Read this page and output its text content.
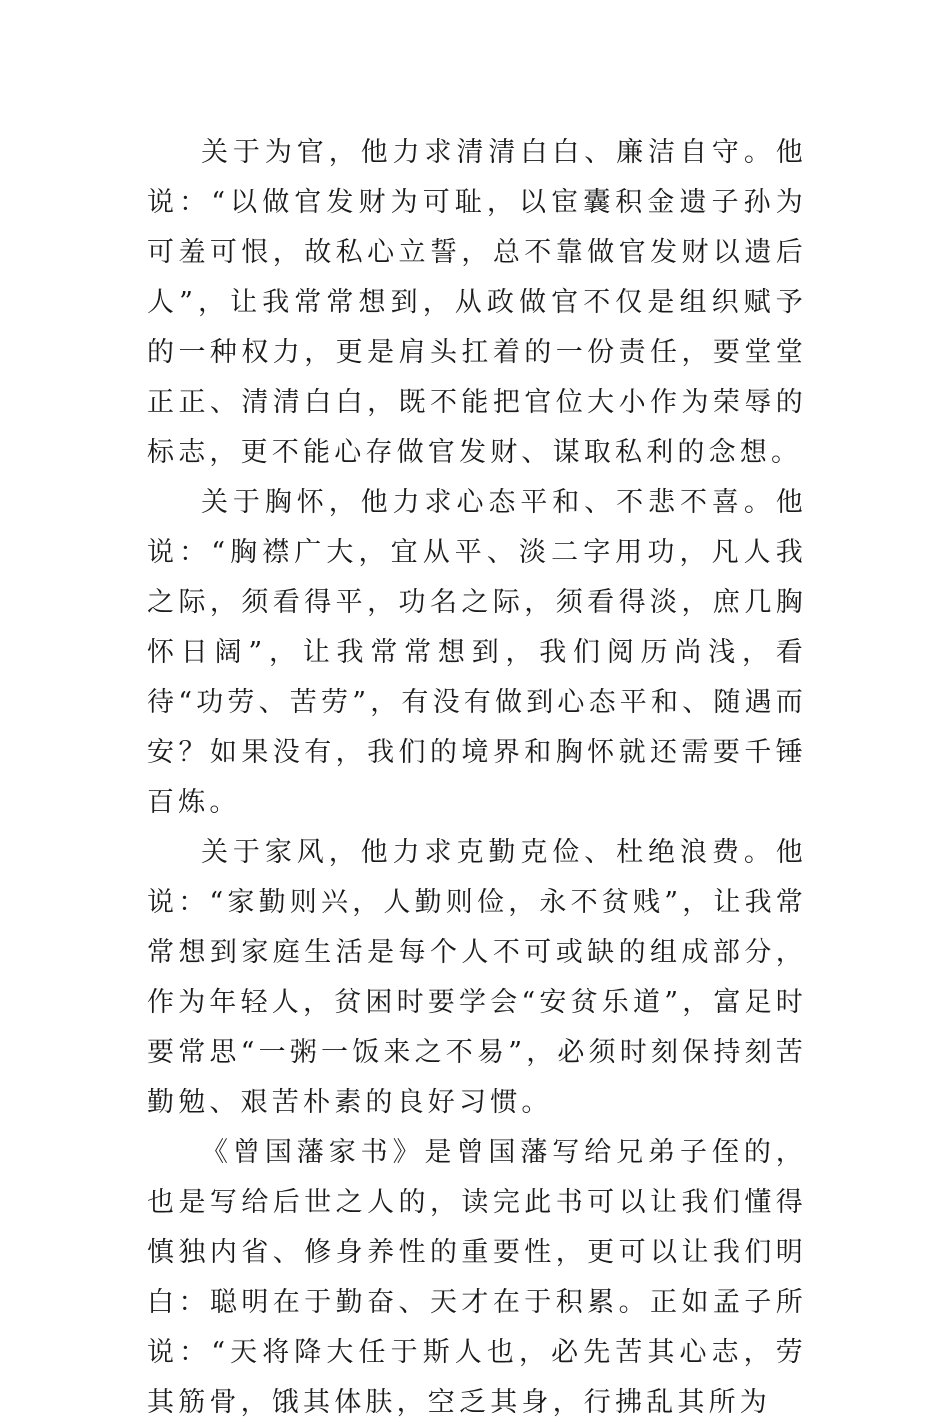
关于为官，他力求清清白白、廉洁自守。他说：“以做官发财为可耻，以宦囊积金遗子孙为可羞可恨，故私心立誓，总不靠做官发财以遗后人”，让我常常想到，从政做官不仅是组织赋予的一种权力，更是肩头扛着的一份责任，要堂堂正正、清清白白，既不能把官位大小作为荣辱的标志，更不能心存做官发财、谋取私利的念想。

关于胸怀，他力求心态平和、不悲不喜。他说：“胸襟广大，宜从平、淡二字用功，凡人我之际，须看得平，功名之际，须看得淡，庶几胸怀日阔”，让我常常想到，我们阅历尚浅，看待“功劳、苦劳”，有没有做到心态平和、随遇而安？如果没有，我们的境界和胸怀就还需要千锤百炼。

关于家风，他力求克勤克俭、杜绝浪费。他说：“家勤则兴，人勤则俭，永不贫贱”，让我常常想到家庭生活是每个人不可或缺的组成部分，作为年轻人，贫困时要学会“安贫乐道”，富足时要常思“一粥一饭来之不易”，必须时刻保持刻苦勤勉、艰苦朴素的良好习惯。

《曾国藩家书》是曾国藩写给兄弟子侄的，也是写给后世之人的，读完此书可以让我们懂得慎独内省、修身养性的重要性，更可以让我们明白：聪明在于勤奋、天才在于积累。正如孟子所说：“天将降大任于斯人也，必先苦其心志，劳其筋骨，饿其体肤，空乏其身，行拂乱其所为
